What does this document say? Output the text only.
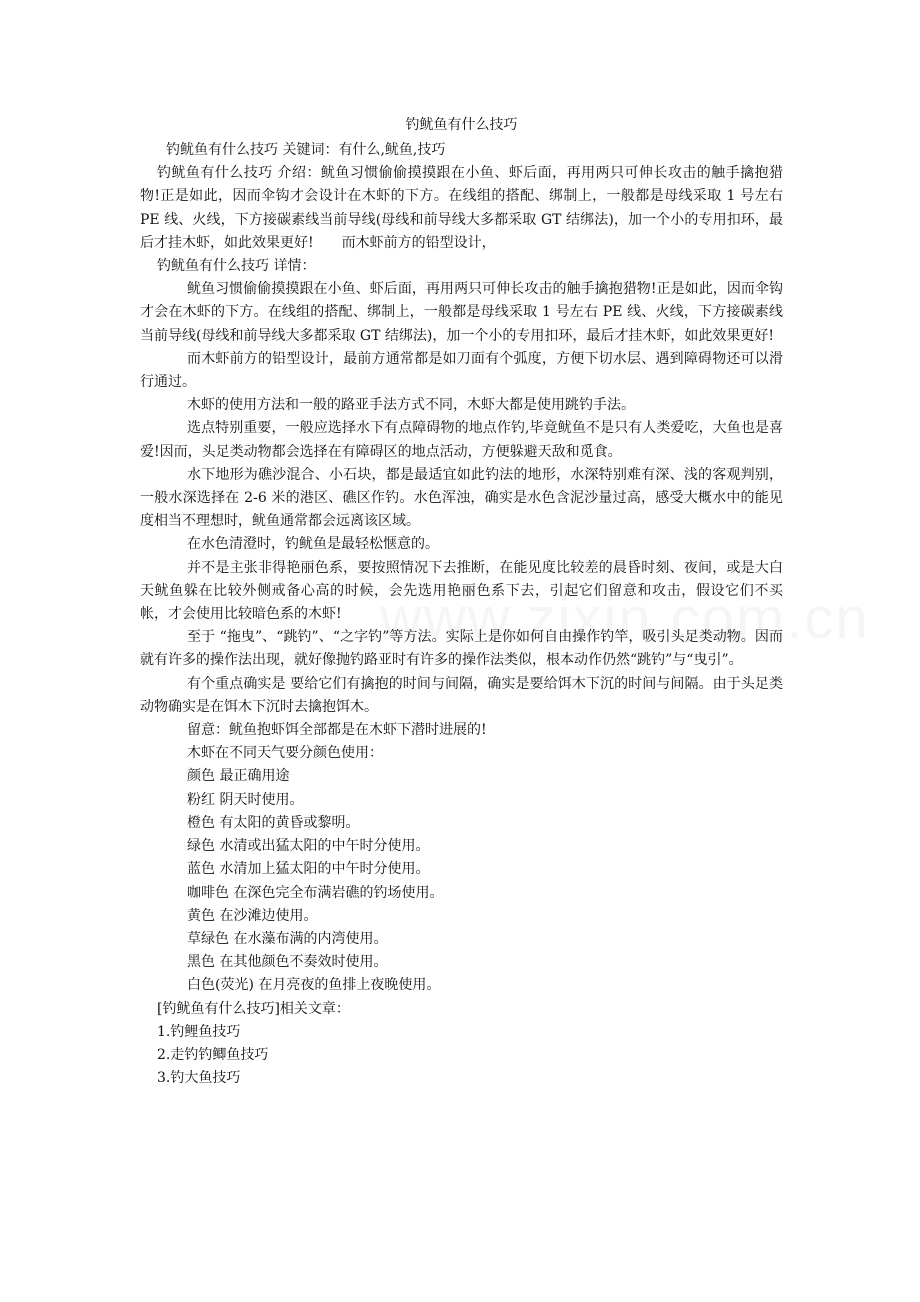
钓鱿鱼有什么技巧

钓鱿鱼有什么技巧 关键词：有什么,鱿鱼,技巧

钓鱿鱼有什么技巧 介绍：鱿鱼习惯偷偷摸摸跟在小鱼、虾后面，再用两只可伸长攻击的触手擒抱猎物!正是如此，因而伞钩才会设计在木虾的下方。在线组的搭配、绑制上，一般都是母线采取 1 号左右 PE 线、火线，下方接碳素线当前导线(母线和前导线大多都采取 GT 结绑法)，加一个小的专用扣环，最后才挂木虾，如此效果更好!　　而木虾前方的铅型设计，

钓鱿鱼有什么技巧 详情：

鱿鱼习惯偷偷摸摸跟在小鱼、虾后面，再用两只可伸长攻击的触手擒抱猎物!正是如此，因而伞钩才会在木虾的下方。在线组的搭配、绑制上，一般都是母线采取 1 号左右 PE 线、火线，下方接碳素线当前导线(母线和前导线大多都采取 GT 结绑法)，加一个小的专用扣环，最后才挂木虾，如此效果更好!

而木虾前方的铅型设计，最前方通常都是如刀面有个弧度，方便下切水层、遇到障碍物还可以滑行通过。

木虾的使用方法和一般的路亚手法方式不同，木虾大都是使用跳钓手法。

选点特别重要，一般应选择水下有点障碍物的地点作钓,毕竟鱿鱼不是只有人类爱吃，大鱼也是喜爱!因而，头足类动物都会选择在有障碍区的地点活动，方便躲避天敌和觅食。

水下地形为礁沙混合、小石块，都是最适宜如此钓法的地形，水深特别难有深、浅的客观判别，一般水深选择在 2-6 米的港区、礁区作钓。水色浑浊，确实是水色含泥沙量过高，感受大概水中的能见度相当不理想时，鱿鱼通常都会远离该区域。

在水色清澄时，钓鱿鱼是最轻松惬意的。

并不是主张非得艳丽色系，要按照情况下去推断，在能见度比较差的晨昏时刻、夜间，或是大白天鱿鱼躲在比较外侧戒备心高的时候，会先选用艳丽色系下去，引起它们留意和攻击，假设它们不买帐，才会使用比较暗色系的木虾!

至于 “拖曳”、“跳钓”、“之字钓”等方法。实际上是你如何自由操作钓竿，吸引头足类动物。因而就有许多的操作法出现，就好像抛钓路亚时有许多的操作法类似，根本动作仍然“跳钓”与“曳引”。

有个重点确实是 要给它们有擒抱的时间与间隔，确实是要给饵木下沉的时间与间隔。由于头足类动物确实是在饵木下沉时去擒抱饵木。

留意：鱿鱼抱虾饵全部都是在木虾下潜时进展的!

木虾在不同天气要分颜色使用：

颜色 最正确用途

粉红 阴天时使用。

橙色 有太阳的黄昏或黎明。

绿色 水清或出猛太阳的中午时分使用。

蓝色 水清加上猛太阳的中午时分使用。

咖啡色 在深色完全布满岩礁的钓场使用。

黄色 在沙滩边使用。

草绿色 在水藻布满的内湾使用。

黑色 在其他颜色不奏效时使用。

白色(荧光) 在月亮夜的鱼排上夜晚使用。

[钓鱿鱼有什么技巧]相关文章：

1.钓鲤鱼技巧

2.走钓钓鲫鱼技巧

3.钓大鱼技巧
